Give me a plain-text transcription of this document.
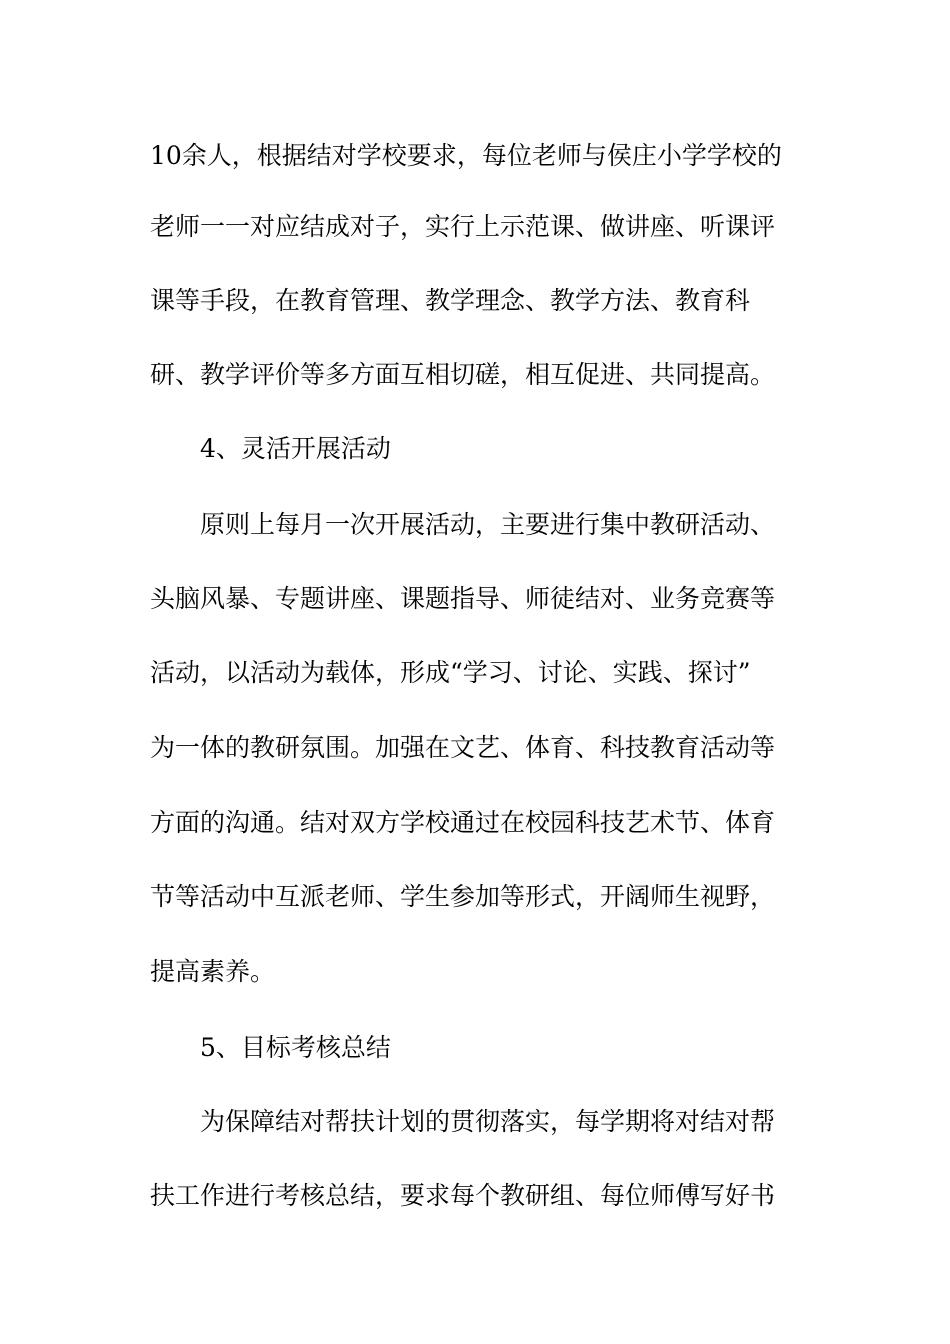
10余人，根据结对学校要求，每位老师与侯庄小学学校的
老师一一对应结成对子，实行上示范课、做讲座、听课评
课等手段，在教育管理、教学理念、教学方法、教育科
研、教学评价等多方面互相切磋，相互促进、共同提高。
4、灵活开展活动
原则上每月一次开展活动，主要进行集中教研活动、
头脑风暴、专题讲座、课题指导、师徒结对、业务竞赛等
活动，以活动为载体，形成“学习、讨论、实践、探讨”
为一体的教研氛围。加强在文艺、体育、科技教育活动等
方面的沟通。结对双方学校通过在校园科技艺术节、体育
节等活动中互派老师、学生参加等形式，开阔师生视野，
提高素养。
5、目标考核总结
为保障结对帮扶计划的贯彻落实，每学期将对结对帮
扶工作进行考核总结，要求每个教研组、每位师傅写好书
